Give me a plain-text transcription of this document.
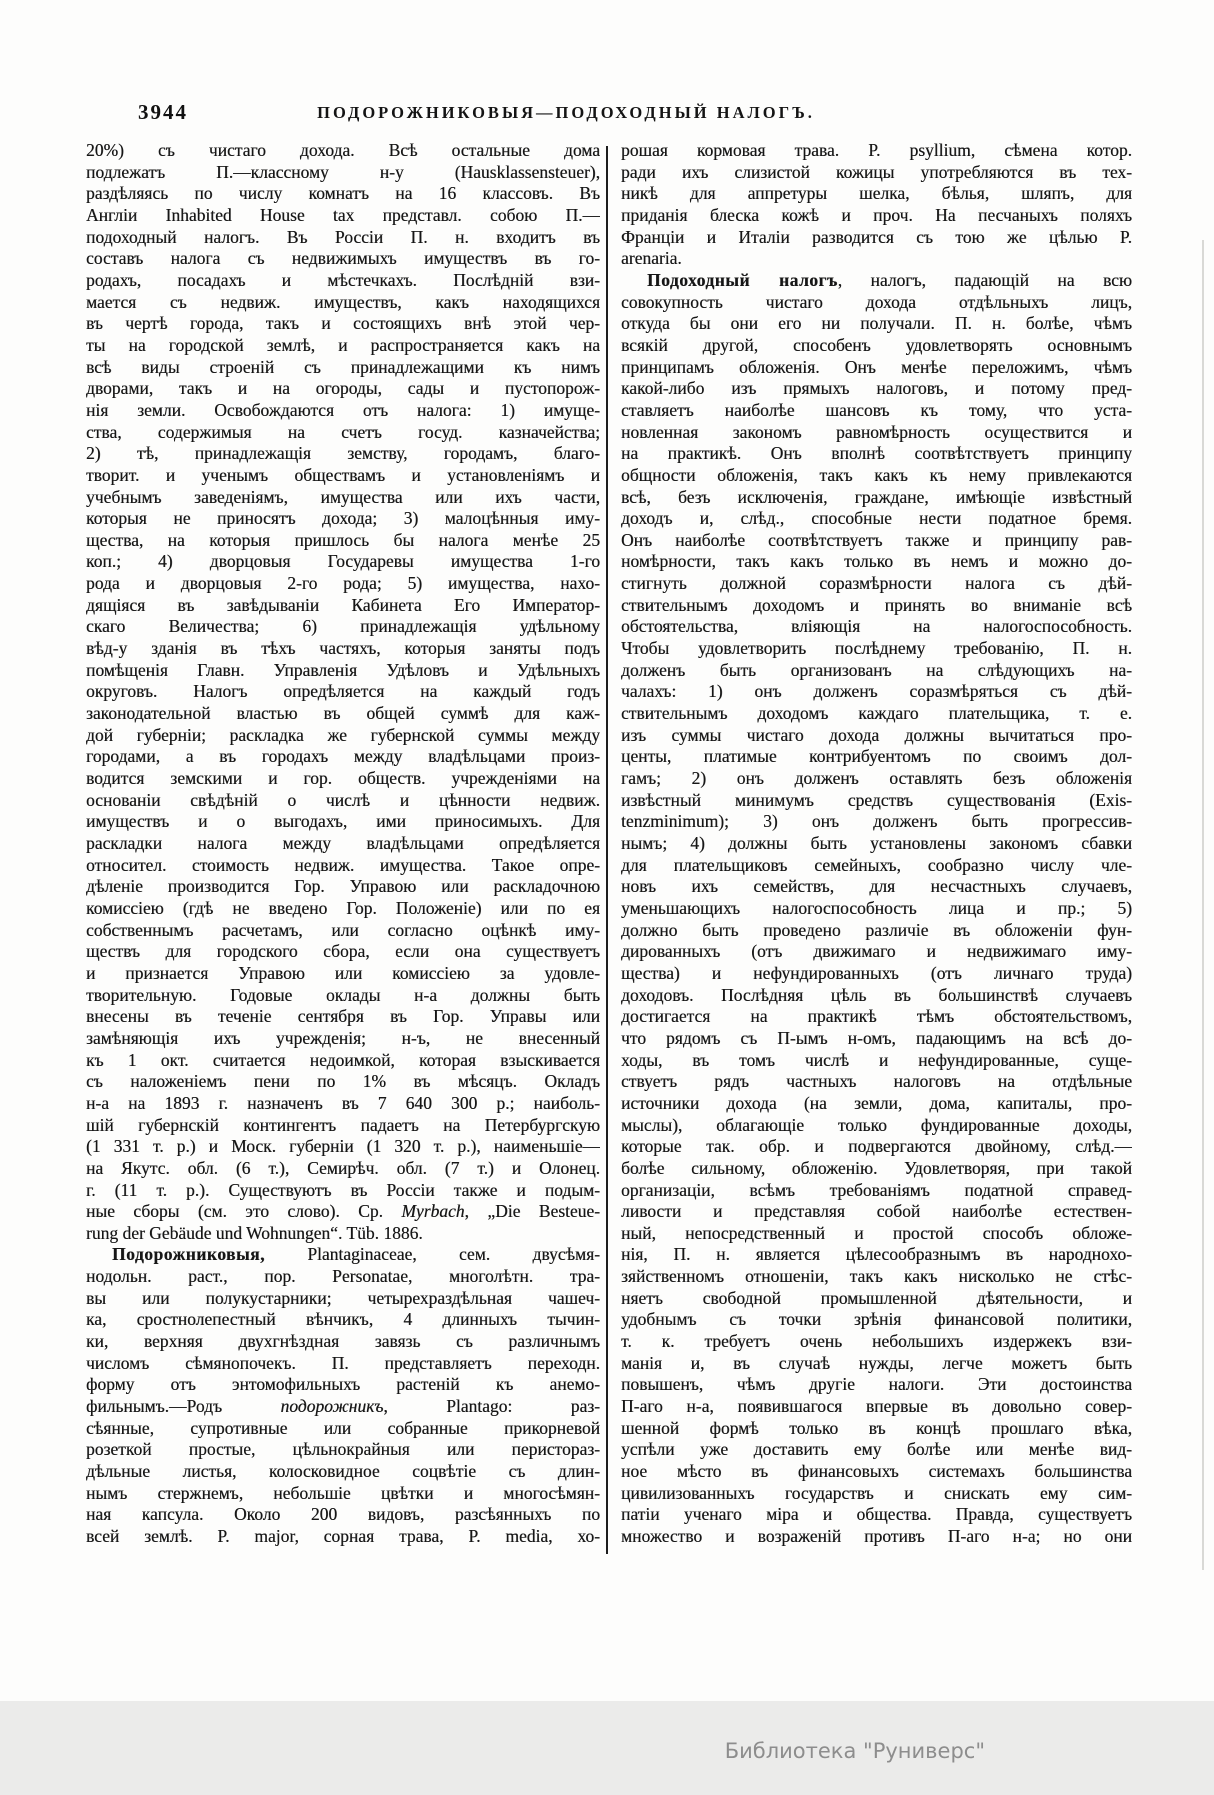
3944	ПОДОРОЖНИКОВЫЯ—ПОДОХОДНЫЙ НАЛОГЪ.
20%) съ чистаго дохода. Всѣ остальные дома
подлежатъ П.—классному н-у (Hausklassensteuer),
раздѣляясь по числу комнатъ на 16 классовъ. Въ
Англіи Inhabited House tax представл. собою П.—
подоходный налогъ. Въ Россіи П. н. входитъ въ
составъ налога съ недвижимыхъ имуществъ въ го-
родахъ, посадахъ и мѣстечкахъ. Послѣдній взи-
мается съ недвиж. имуществъ, какъ находящихся
въ чертѣ города, такъ и состоящихъ внѣ этой чер-
ты на городской землѣ, и распространяется какъ на
всѣ виды строеній съ принадлежащими къ нимъ
дворами, такъ и на огороды, сады и пустопорож-
нія земли. Освобождаются отъ налога: 1) имуще-
ства, содержимыя на счетъ госуд. казначейства;
2) тѣ, принадлежащія земству, городамъ, благо-
творит. и ученымъ обществамъ и установленіямъ и
учебнымъ заведеніямъ, имущества или ихъ части,
которыя не приносятъ дохода; 3) малоцѣнныя иму-
щества, на которыя пришлось бы налога менѣе 25
коп.; 4) дворцовыя Государевы имущества 1-го
рода и дворцовыя 2-го рода; 5) имущества, нахо-
дящіяся въ завѣдываніи Кабинета Его Император-
скаго Величества; 6) принадлежащія удѣльному
вѣд-у зданія въ тѣхъ частяхъ, которыя заняты подъ
помѣщенія Главн. Управленія Удѣловъ и Удѣльныхъ
округовъ. Налогъ опредѣляется на каждый годъ
законодательной властью въ общей суммѣ для каж-
дой губерніи; раскладка же губернской суммы между
городами, а въ городахъ между владѣльцами произ-
водится земскими и гор. обществ. учрежденіями на
основаніи свѣдѣній о числѣ и цѣнности недвиж.
имуществъ и о выгодахъ, ими приносимыхъ. Для
раскладки налога между владѣльцами опредѣляется
относител. стоимость недвиж. имущества. Такое опре-
дѣленіе производится Гор. Управою или раскладочною
комиссіею (гдѣ не введено Гор. Положеніе) или по ея
собственнымъ расчетамъ, или согласно оцѣнкѣ иму-
ществъ для городского сбора, если она существуетъ
и признается Управою или комиссіею за удовле-
творительную. Годовые оклады н-а должны быть
внесены въ теченіе сентября въ Гор. Управы или
замѣняющія ихъ учрежденія; н-ъ, не внесенный
къ 1 окт. считается недоимкой, которая взыскивается
съ наложеніемъ пени по 1% въ мѣсяцъ. Окладъ
н-а на 1893 г. назначенъ въ 7 640 300 р.; наиболь-
шій губернскій контингентъ падаетъ на Петербургскую
(1 331 т. р.) и Моск. губерніи (1 320 т. р.), наименьшіе—
на Якутс. обл. (6 т.), Семирѣч. обл. (7 т.) и Олонец.
г. (11 т. р.). Существуютъ въ Россіи также и подым-
ные сборы (см. это слово). Ср. Myrbach, „Die Besteue-
rung der Gebäude und Wohnungen“. Tüb. 1886.
Подорожниковыя, Plantaginaceae, сем. двусѣмя-
нодольн. раст., пор. Personatae, многолѣтн. тра-
вы или полукустарники; четырехраздѣльная чашеч-
ка, сростнолепестный вѣнчикъ, 4 длинныхъ тычин-
ки, верхняя двухгнѣздная завязь съ различнымъ
числомъ сѣмянопочекъ. П. представляетъ переходн.
форму отъ энтомофильныхъ растеній къ анемо-
фильнымъ.—Родъ подорожникъ, Plantago: раз-
сѣянные, супротивные или собранные прикорневой
розеткой простые, цѣльнокрайныя или перистораз-
дѣльные листья, колосковидное соцвѣтіе съ длин-
нымъ стержнемъ, небольшіе цвѣтки и многосѣмян-
ная капсула. Около 200 видовъ, разсѣянныхъ по
всей землѣ. P. major, сорная трава, P. media, хо-
рошая кормовая трава. P. psyllium, сѣмена котор.
ради ихъ слизистой кожицы употребляются въ тех-
никѣ для аппретуры шелка, бѣлья, шляпъ, для
приданія блеска кожѣ и проч. На песчаныхъ поляхъ
Франціи и Италіи разводится съ тою же цѣлью P.
arenaria.
Подоходный налогъ, налогъ, падающій на всю
совокупность чистаго дохода отдѣльныхъ лицъ,
откуда бы они его ни получали. П. н. болѣе, чѣмъ
всякій другой, способенъ удовлетворять основнымъ
принципамъ обложенія. Онъ менѣе переложимъ, чѣмъ
какой-либо изъ прямыхъ налоговъ, и потому пред-
ставляетъ наиболѣе шансовъ къ тому, что уста-
новленная закономъ равномѣрность осуществится и
на практикѣ. Онъ вполнѣ соотвѣтствуетъ принципу
общности обложенія, такъ какъ къ нему привлекаются
всѣ, безъ исключенія, граждане, имѣющіе извѣстный
доходъ и, слѣд., способные нести податное бремя.
Онъ наиболѣе соотвѣтствуетъ также и принципу рав-
номѣрности, такъ какъ только въ немъ и можно до-
стигнуть должной соразмѣрности налога съ дѣй-
ствительнымъ доходомъ и принять во вниманіе всѣ
обстоятельства, вліяющія на налогоспособность.
Чтобы удовлетворить послѣднему требованію, П. н.
долженъ быть организованъ на слѣдующихъ на-
чалахъ: 1) онъ долженъ соразмѣряться съ дѣй-
ствительнымъ доходомъ каждаго плательщика, т. е.
изъ суммы чистаго дохода должны вычитаться про-
центы, платимые контрибуентомъ по своимъ дол-
гамъ; 2) онъ долженъ оставлять безъ обложенія
извѣстный минимумъ средствъ существованія (Exis-
tenzminimum); 3) онъ долженъ быть прогрессив-
нымъ; 4) должны быть установлены закономъ сбавки
для плательщиковъ семейныхъ, сообразно числу чле-
новъ ихъ семействъ, для несчастныхъ случаевъ,
уменьшающихъ налогоспособность лица и пр.; 5)
должно быть проведено различіе въ обложеніи фун-
дированныхъ (отъ движимаго и недвижимаго иму-
щества) и нефундированныхъ (отъ личнаго труда)
доходовъ. Послѣдняя цѣль въ большинствѣ случаевъ
достигается на практикѣ тѣмъ обстоятельствомъ,
что рядомъ съ П-ымъ н-омъ, падающимъ на всѣ до-
ходы, въ томъ числѣ и нефундированные, суще-
ствуетъ рядъ частныхъ налоговъ на отдѣльные
источники дохода (на земли, дома, капиталы, про-
мыслы), облагающіе только фундированные доходы,
которые так. обр. и подвергаются двойному, слѣд.—
болѣе сильному, обложенію. Удовлетворяя, при такой
организаціи, всѣмъ требованіямъ податной справед-
ливости и представляя собой наиболѣе естествен-
ный, непосредственный и простой способъ обложе-
нія, П. н. является цѣлесообразнымъ въ народнохо-
зяйственномъ отношеніи, такъ какъ нисколько не стѣс-
няетъ свободной промышленной дѣятельности, и
удобнымъ съ точки зрѣнія финансовой политики,
т. к. требуетъ очень небольшихъ издержекъ взи-
манія и, въ случаѣ нужды, легче можетъ быть
повышенъ, чѣмъ другіе налоги. Эти достоинства
П-аго н-а, появившагося впервые въ довольно совер-
шенной формѣ только въ концѣ прошлаго вѣка,
успѣли уже доставить ему болѣе или менѣе вид-
ное мѣсто въ финансовыхъ системахъ большинства
цивилизованныхъ государствъ и снискать ему сим-
патіи ученаго міра и общества. Правда, существуетъ
множество и возраженій противъ П-аго н-а; но они
Библиотека "Руниверс"
